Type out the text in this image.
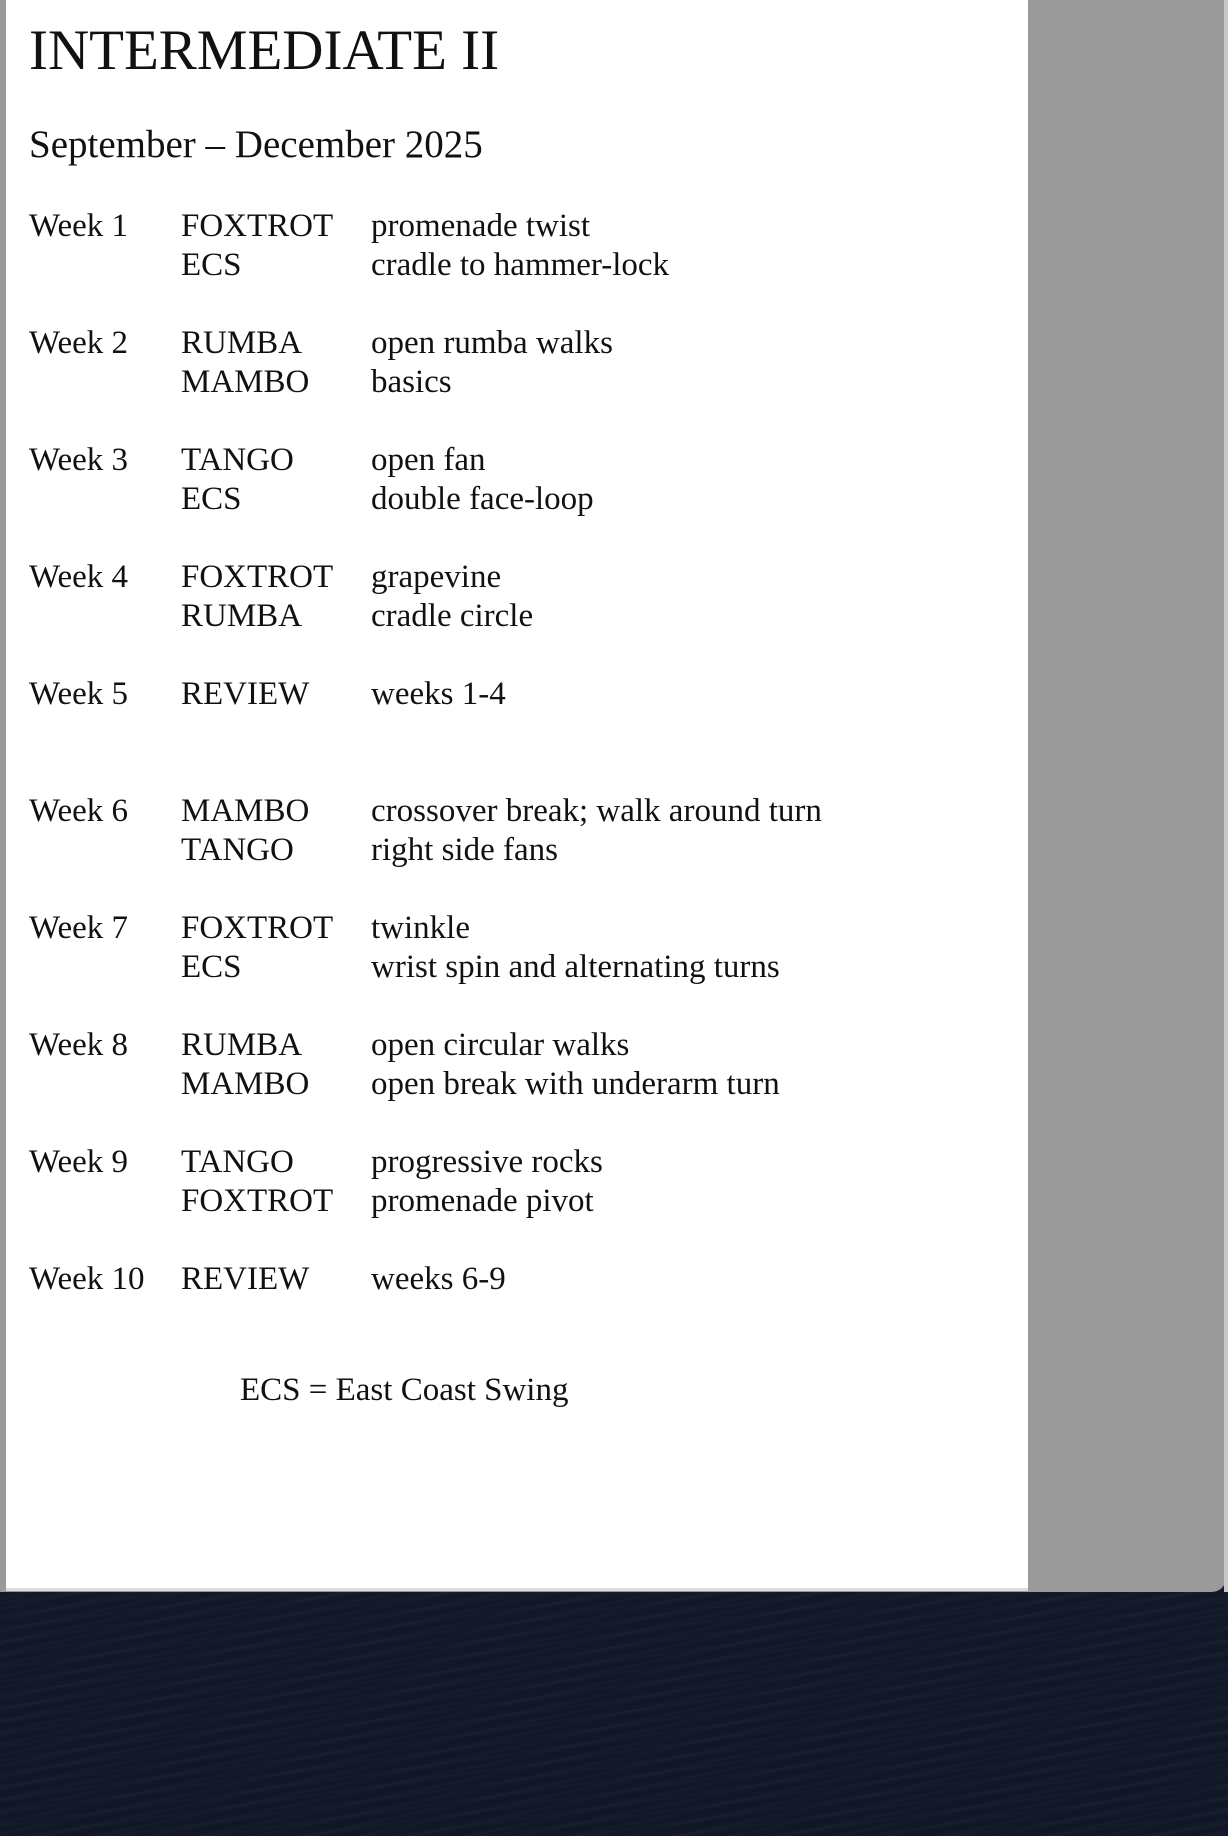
INTERMEDIATE II
September – December 2025
Week 1 FOXTROT promenade twist
ECS	cradle to hammer-lock
Week 2 RUMBA open rumba walks
MAMBO basics
Week 3 TANGO open fan
ECS	double face-loop
Week 4 FOXTROT grapevine
RUMBA cradle circle
Week 5 REVIEW weeks 1-4
Week 6 MAMBO crossover break; walk around turn
TANGO right side fans
Week 7 FOXTROT twinkle
ECS	wrist spin and alternating turns
Week 8 RUMBA open circular walks
MAMBO open break with underarm turn
Week 9 TANGO progressive rocks
FOXTROT promenade pivot
Week 10 REVIEW weeks 6-9
ECS = East Coast Swing
